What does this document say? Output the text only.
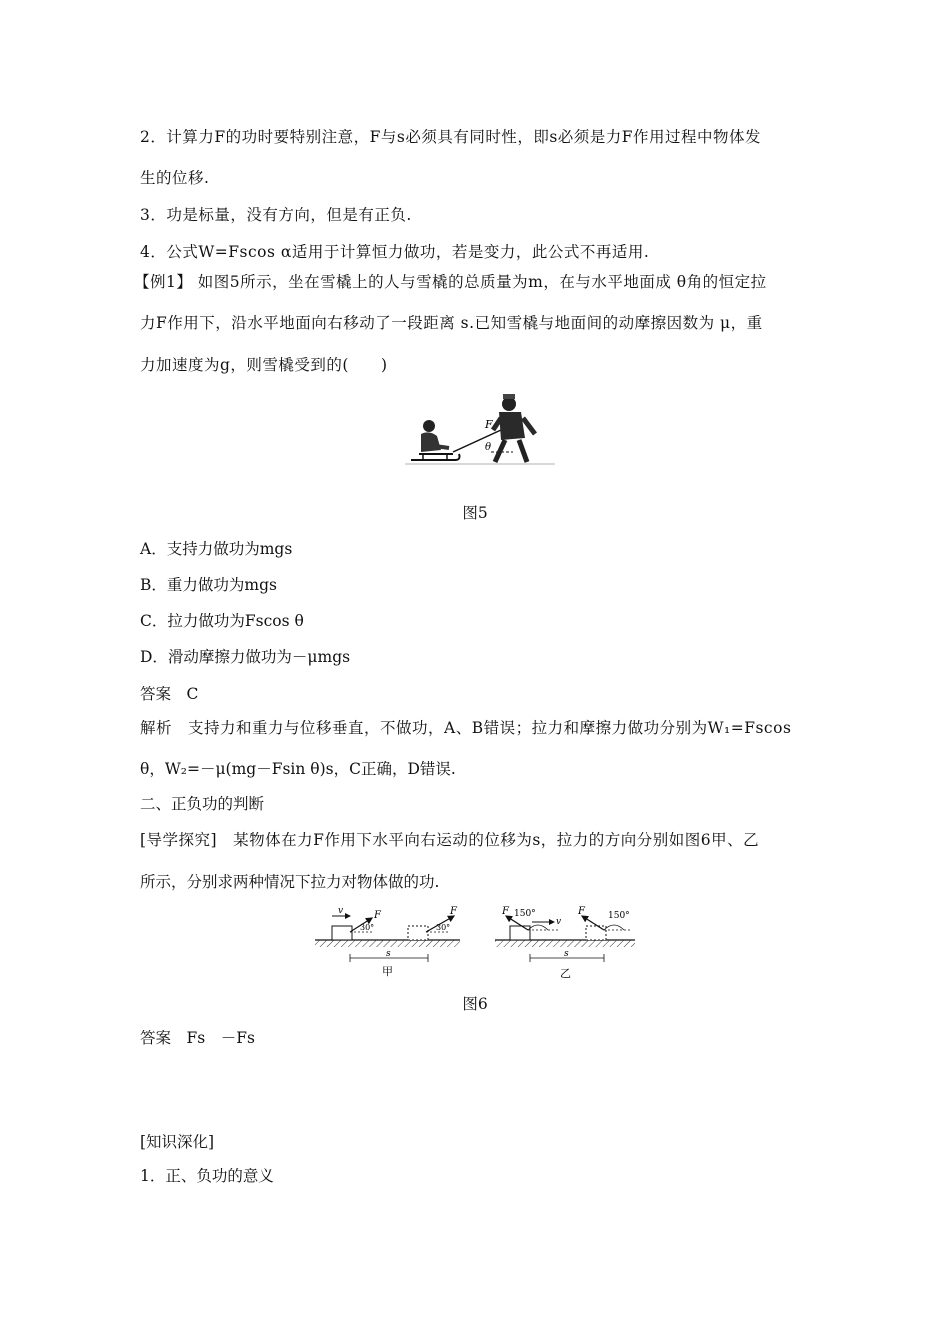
2．计算力F的功时要特别注意，F与s必须具有同时性，即s必须是力F作用过程中物体发
生的位移.
3．功是标量，没有方向，但是有正负.
4．公式W=Fscos α适用于计算恒力做功，若是变力，此公式不再适用.
【例1】 如图5所示，坐在雪橇上的人与雪橇的总质量为m，在与水平地面成 θ角的恒定拉
力F作用下，沿水平地面向右移动了一段距离 s.已知雪橇与地面间的动摩擦因数为 μ，重
力加速度为g，则雪橇受到的(　　)
F
θ
图5
A．支持力做功为mgs
B．重力做功为mgs
C．拉力做功为Fscos θ
D．滑动摩擦力做功为－μmgs
答案　C
解析　支持力和重力与位移垂直，不做功，A、B错误；拉力和摩擦力做功分别为W₁=Fscos
θ，W₂=－μ(mg－Fsin θ)s，C正确，D错误.
二、正负功的判断
[导学探究]　某物体在力F作用下水平向右运动的位移为s，拉力的方向分别如图6甲、乙
所示，分别求两种情况下拉力对物体做的功.
v	F	F
30°	30°
s
甲
F	F
150°	150°
v
s
乙
图6
答案　Fs　－Fs
[知识深化]
1．正、负功的意义
